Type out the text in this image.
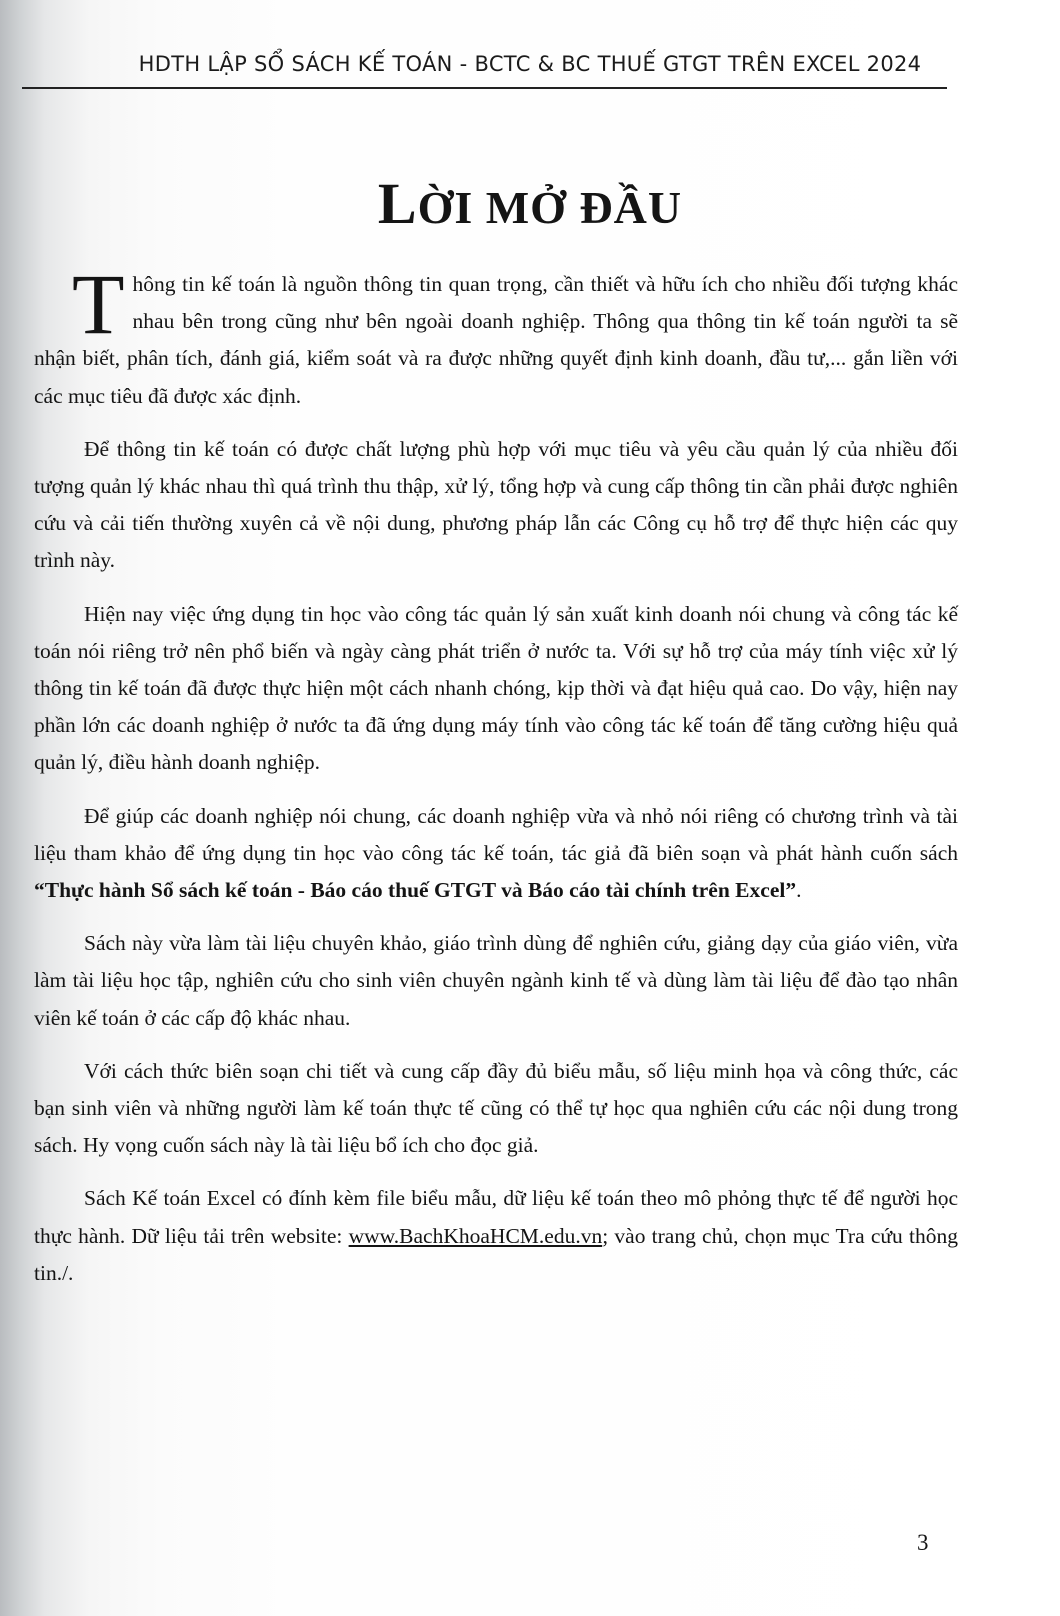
HDTH LẬP SỔ SÁCH KẾ TOÁN - BCTC & BC THUẾ GTGT TRÊN EXCEL 2024
LỜI MỞ ĐẦU

Thông tin kế toán là nguồn thông tin quan trọng, cần thiết và hữu ích cho nhiều đối tượng khác nhau bên trong cũng như bên ngoài doanh nghiệp. Thông qua thông tin kế toán người ta sẽ nhận biết, phân tích, đánh giá, kiểm soát và ra được những quyết định kinh doanh, đầu tư,... gắn liền với các mục tiêu đã được xác định.

Để thông tin kế toán có được chất lượng phù hợp với mục tiêu và yêu cầu quản lý của nhiều đối tượng quản lý khác nhau thì quá trình thu thập, xử lý, tổng hợp và cung cấp thông tin cần phải được nghiên cứu và cải tiến thường xuyên cả về nội dung, phương pháp lẫn các Công cụ hỗ trợ để thực hiện các quy trình này.

Hiện nay việc ứng dụng tin học vào công tác quản lý sản xuất kinh doanh nói chung và công tác kế toán nói riêng trở nên phổ biến và ngày càng phát triển ở nước ta. Với sự hỗ trợ của máy tính việc xử lý thông tin kế toán đã được thực hiện một cách nhanh chóng, kịp thời và đạt hiệu quả cao. Do vậy, hiện nay phần lớn các doanh nghiệp ở nước ta đã ứng dụng máy tính vào công tác kế toán để tăng cường hiệu quả quản lý, điều hành doanh nghiệp.

Để giúp các doanh nghiệp nói chung, các doanh nghiệp vừa và nhỏ nói riêng có chương trình và tài liệu tham khảo để ứng dụng tin học vào công tác kế toán, tác giả đã biên soạn và phát hành cuốn sách “Thực hành Sổ sách kế toán - Báo cáo thuế GTGT và Báo cáo tài chính trên Excel”.

Sách này vừa làm tài liệu chuyên khảo, giáo trình dùng để nghiên cứu, giảng dạy của giáo viên, vừa làm tài liệu học tập, nghiên cứu cho sinh viên chuyên ngành kinh tế và dùng làm tài liệu để đào tạo nhân viên kế toán ở các cấp độ khác nhau.

Với cách thức biên soạn chi tiết và cung cấp đầy đủ biểu mẫu, số liệu minh họa và công thức, các bạn sinh viên và những người làm kế toán thực tế cũng có thể tự học qua nghiên cứu các nội dung trong sách. Hy vọng cuốn sách này là tài liệu bổ ích cho đọc giả.

Sách Kế toán Excel có đính kèm file biểu mẫu, dữ liệu kế toán theo mô phỏng thực tế để người học thực hành. Dữ liệu tải trên website: www.BachKhoaHCM.edu.vn; vào trang chủ, chọn mục Tra cứu thông tin./.

3
